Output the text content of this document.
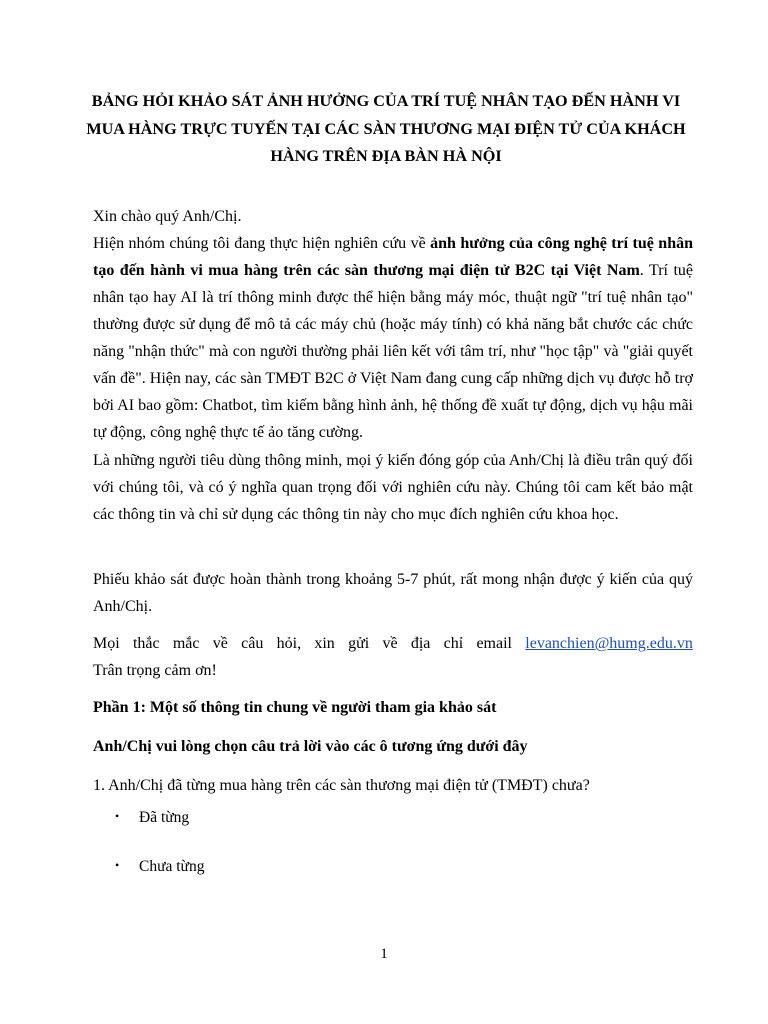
BẢNG HỎI KHẢO SÁT ẢNH HƯỞNG CỦA TRÍ TUỆ NHÂN TẠO ĐẾN HÀNH VI MUA HÀNG TRỰC TUYẾN TẠI CÁC SÀN THƯƠNG MẠI ĐIỆN TỬ CỦA KHÁCH HÀNG TRÊN ĐỊA BÀN HÀ NỘI

Xin chào quý Anh/Chị.

Hiện nhóm chúng tôi đang thực hiện nghiên cứu về ảnh hưởng của công nghệ trí tuệ nhân tạo đến hành vi mua hàng trên các sàn thương mại điện tử B2C tại Việt Nam. Trí tuệ nhân tạo hay AI là trí thông minh được thể hiện bằng máy móc, thuật ngữ "trí tuệ nhân tạo" thường được sử dụng để mô tả các máy chủ (hoặc máy tính) có khả năng bắt chước các chức năng "nhận thức" mà con người thường phải liên kết với tâm trí, như "học tập" và "giải quyết vấn đề". Hiện nay, các sàn TMĐT B2C ở Việt Nam đang cung cấp những dịch vụ được hỗ trợ bởi AI bao gồm: Chatbot, tìm kiếm bằng hình ảnh, hệ thống đề xuất tự động, dịch vụ hậu mãi tự động, công nghệ thực tế ảo tăng cường.

Là những người tiêu dùng thông minh, mọi ý kiến đóng góp của Anh/Chị là điều trân quý đối với chúng tôi, và có ý nghĩa quan trọng đối với nghiên cứu này. Chúng tôi cam kết bảo mật các thông tin và chỉ sử dụng các thông tin này cho mục đích nghiên cứu khoa học.

Phiếu khảo sát được hoàn thành trong khoảng 5-7 phút, rất mong nhận được ý kiến của quý Anh/Chị.

Mọi thắc mắc về câu hỏi, xin gửi về địa chỉ email levanchien@humg.edu.vn
Trân trọng cảm ơn!

Phần 1: Một số thông tin chung về người tham gia khảo sát

Anh/Chị vui lòng chọn câu trả lời vào các ô tương ứng dưới đây

1. Anh/Chị đã từng mua hàng trên các sàn thương mại điện tử (TMĐT) chưa?

• Đã từng

• Chưa từng

1
